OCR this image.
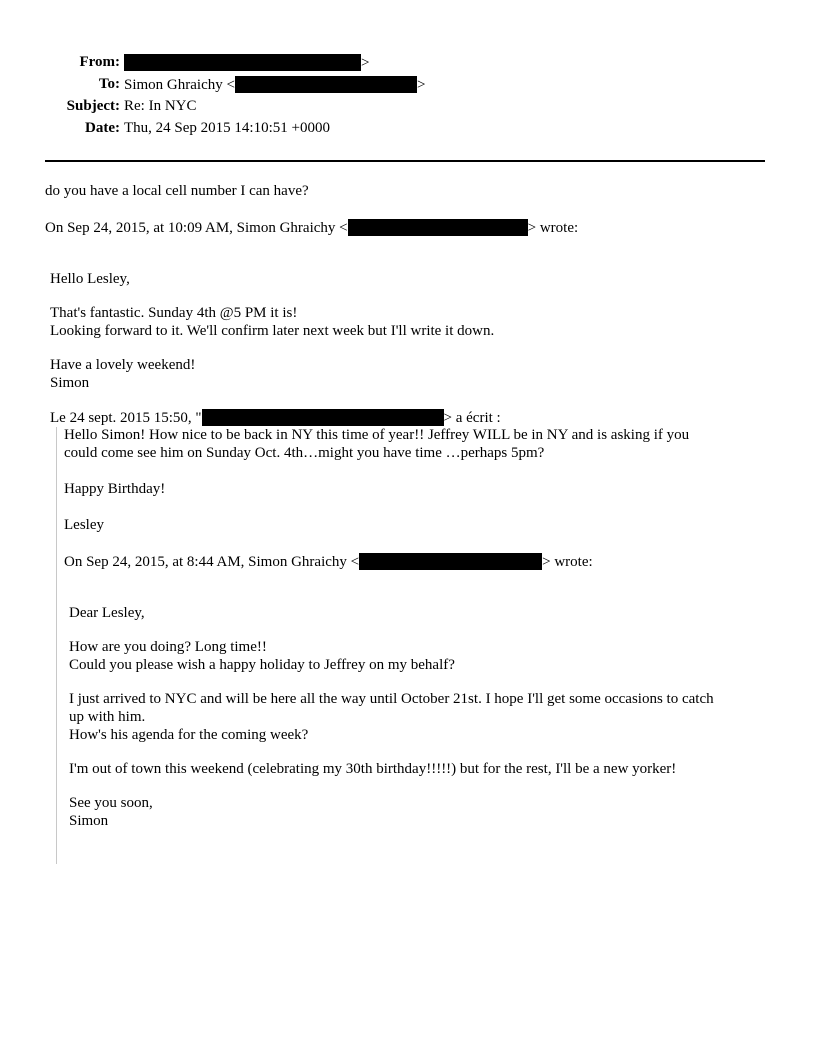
From:	>
To: Simon Ghraichy <	>
Subject: Re: In NYC
Date: Thu, 24 Sep 2015 14:10:51 +0000
do you have a local cell number I can have?
On Sep 24, 2015, at 10:09 AM, Simon Ghraichy <	> wrote:
Hello Lesley,
That's fantastic. Sunday 4th @5 PM it is!
Looking forward to it. We'll confirm later next week but I'll write it down.
Have a lovely weekend!
Simon
Le 24 sept. 2015 15:50, "	> a écrit :
Hello Simon! How nice to be back in NY this time of year!! Jeffrey WILL be in NY and is asking if you
could come see him on Sunday Oct. 4th…might you have time …perhaps 5pm?
Happy Birthday!
Lesley
On Sep 24, 2015, at 8:44 AM, Simon Ghraichy <	> wrote:
Dear Lesley,
How are you doing? Long time!!
Could you please wish a happy holiday to Jeffrey on my behalf?
I just arrived to NYC and will be here all the way until October 21st. I hope I'll get some occasions to catch
up with him.
How's his agenda for the coming week?
I'm out of town this weekend (celebrating my 30th birthday!!!!!) but for the rest, I'll be a new yorker!
See you soon,
Simon
